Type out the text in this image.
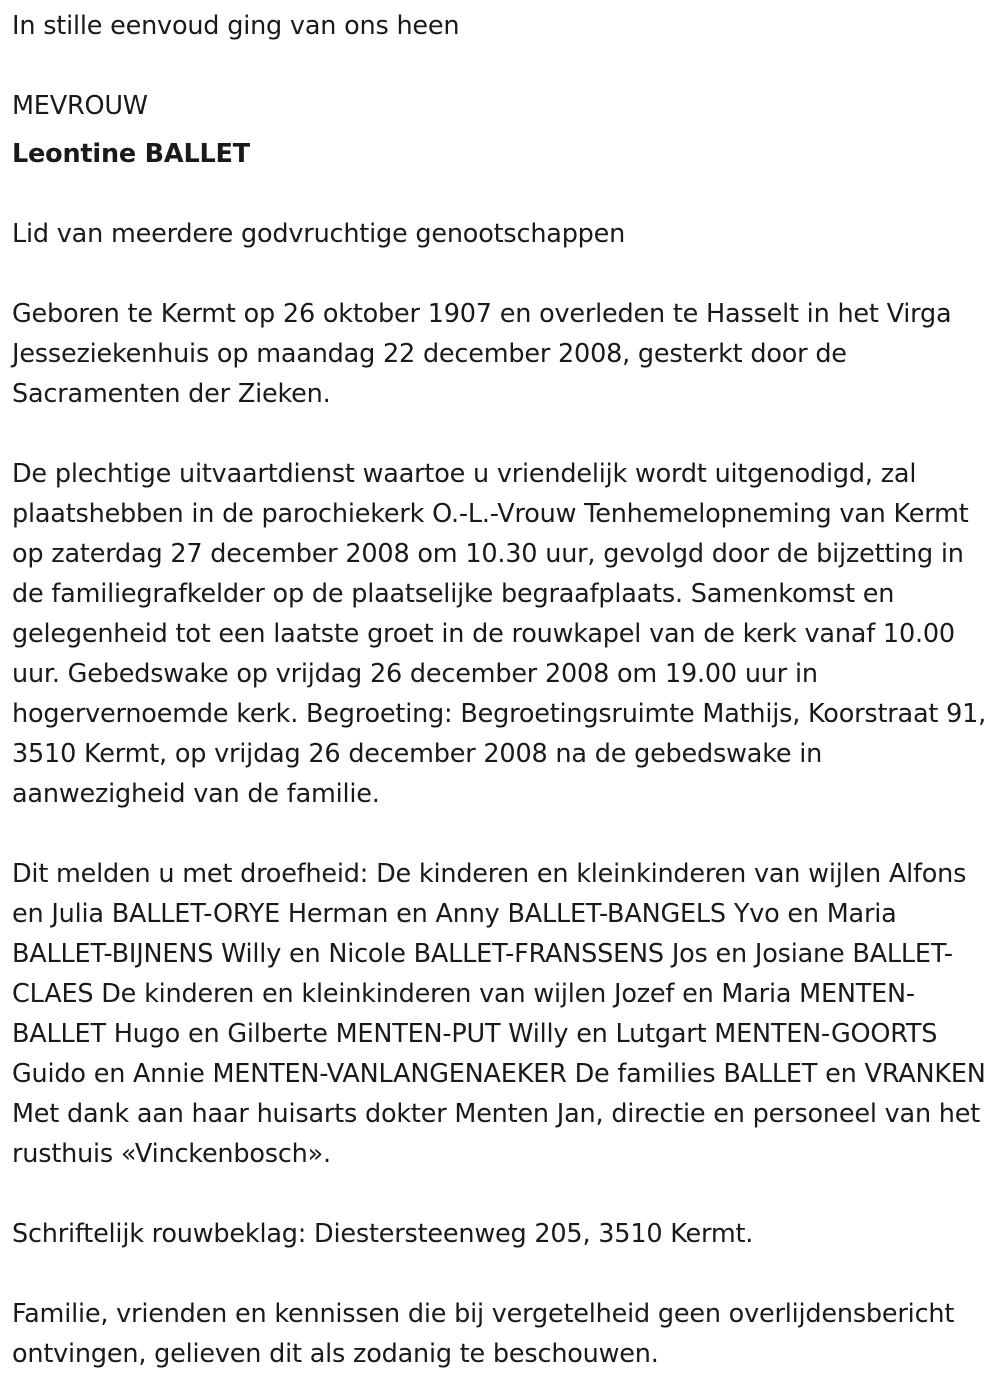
In stille eenvoud ging van ons heen

MEVROUW

Leontine BALLET

Lid van meerdere godvruchtige genootschappen

Geboren te Kermt op 26 oktober 1907 en overleden te Hasselt in het Virga Jesseziekenhuis op maandag 22 december 2008, gesterkt door de Sacramenten der Zieken.

De plechtige uitvaartdienst waartoe u vriendelijk wordt uitgenodigd, zal plaatshebben in de parochiekerk O.-L.-Vrouw Tenhemelopneming van Kermt op zaterdag 27 december 2008 om 10.30 uur, gevolgd door de bijzetting in de familiegrafkelder op de plaatselijke begraafplaats. Samenkomst en gelegenheid tot een laatste groet in de rouwkapel van de kerk vanaf 10.00 uur. Gebedswake op vrijdag 26 december 2008 om 19.00 uur in hogervernoemde kerk. Begroeting: Begroetingsruimte Mathijs, Koorstraat 91, 3510 Kermt, op vrijdag 26 december 2008 na de gebedswake in aanwezigheid van de familie.

Dit melden u met droefheid: De kinderen en kleinkinderen van wijlen Alfons en Julia BALLET-ORYE Herman en Anny BALLET-BANGELS Yvo en Maria BALLET-BIJNENS Willy en Nicole BALLET-FRANSSENS Jos en Josiane BALLET-CLAES De kinderen en kleinkinderen van wijlen Jozef en Maria MENTEN-BALLET Hugo en Gilberte MENTEN-PUT Willy en Lutgart MENTEN-GOORTS Guido en Annie MENTEN-VANLANGENAEKER De families BALLET en VRANKEN Met dank aan haar huisarts dokter Menten Jan, directie en personeel van het rusthuis «Vinckenbosch».

Schriftelijk rouwbeklag: Diestersteenweg 205, 3510 Kermt.

Familie, vrienden en kennissen die bij vergetelheid geen overlijdensbericht ontvingen, gelieven dit als zodanig te beschouwen.
